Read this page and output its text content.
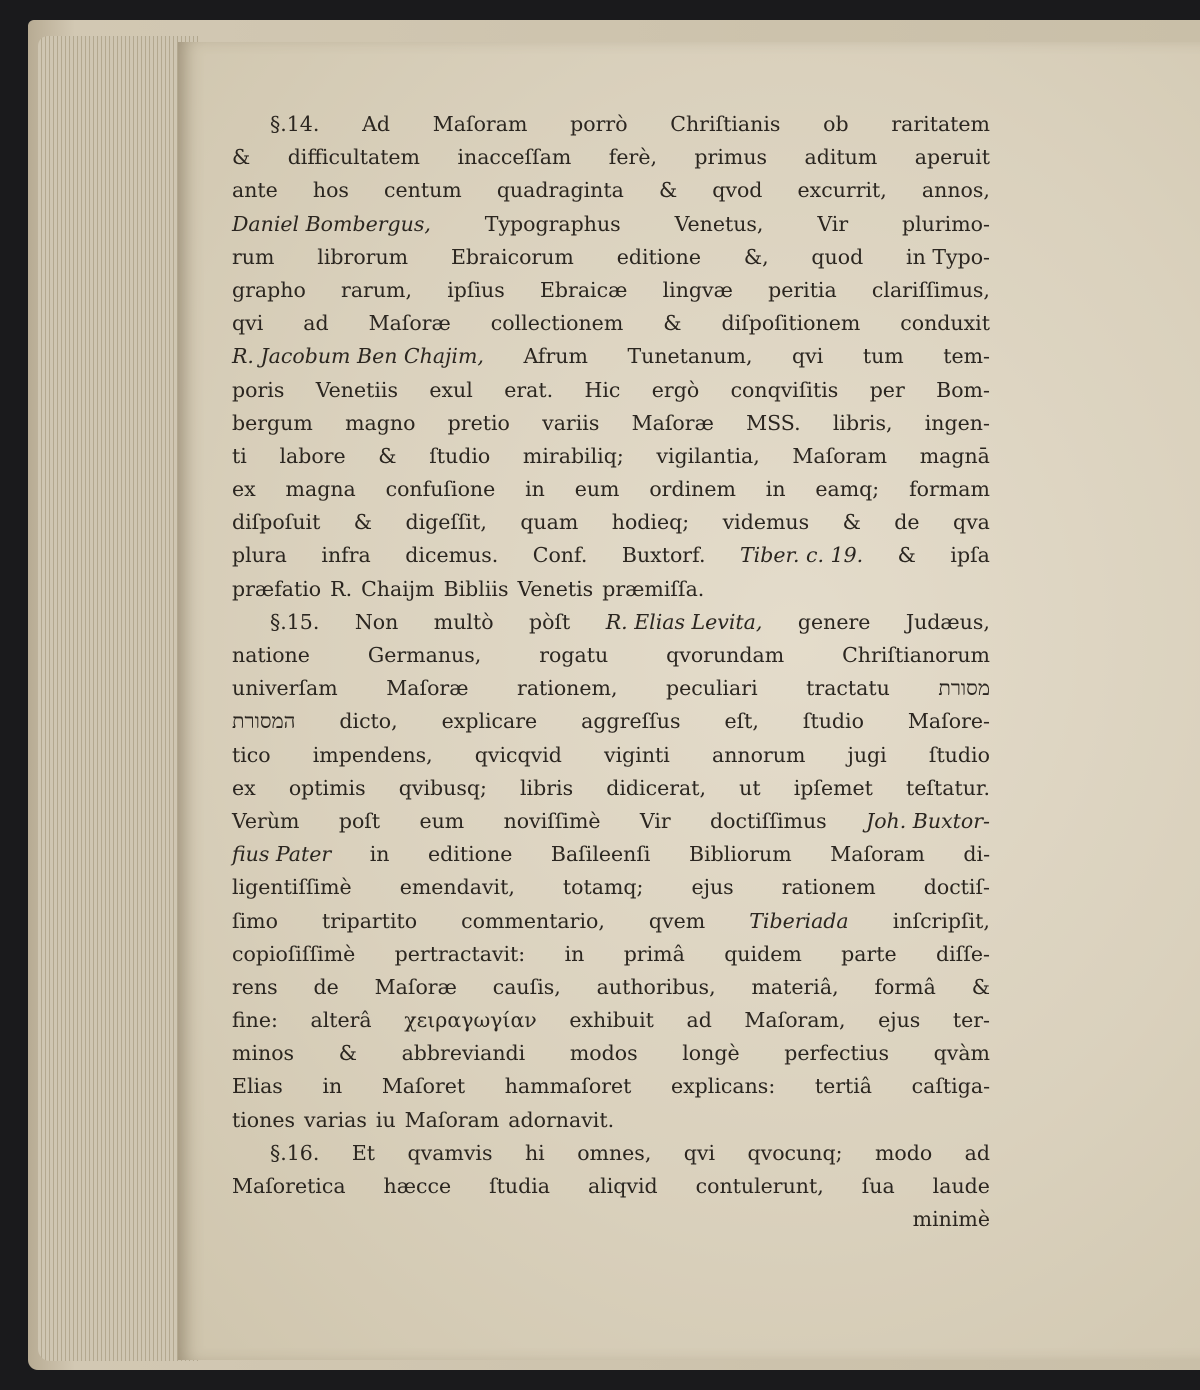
§.14. Ad Maſoram porrò Chriſtianis ob raritatem
& difficultatem inacceſſam ferè, primus aditum aperuit
ante hos centum quadraginta & qvod excurrit, annos,
Daniel Bombergus,	Typographus	Venetus,	Vir	plurimo-
rum librorum Ebraicorum editione &, quod in Typo-
grapho rarum, ipſius Ebraicæ lingvæ peritia clariſſimus,
qvi ad Maſoræ collectionem & diſpoſitionem conduxit
R. Jacobum Ben Chajim, Afrum Tunetanum, qvi tum tem-
poris Venetiis exul erat. Hic ergò conqviſitis per Bom-
bergum magno pretio variis Maſoræ MSS. libris, ingen-
ti labore & ſtudio mirabiliq; vigilantia, Maſoram magnā
ex magna confuſione in eum ordinem in eamq; formam
diſpoſuit & digeſſit, quam hodieq; videmus & de qva
plura infra dicemus. Conf. Buxtorf. Tiber. c. 19. & ipſa
præfatio R. Chaijm Bibliis Venetis præmiſſa.
§.15. Non multò pòſt R. Elias Levita, genere Judæus,
natione	Germanus,	rogatu	qvorundam	Chriſtianorum
univerſam Maſoræ rationem, peculiari tractatu מסורת
המסורת dicto, explicare aggreſſus eſt, ſtudio Maſore-
tico impendens, qvicqvid viginti annorum jugi ſtudio
ex optimis qvibusq; libris didicerat, ut ipſemet teſtatur.
Verùm poſt eum noviſſimè Vir doctiſſimus Joh. Buxtor-
fius Pater in editione Baſileenſi Bibliorum Maſoram di-
ligentiſſimè emendavit, totamq; ejus rationem doctiſ-
ſimo tripartito commentario, qvem Tiberiada inſcripſit,
copioſiſſimè pertractavit: in primâ quidem parte diſſe-
rens de Maſoræ cauſis, authoribus, materiâ, formâ &
fine: alterâ χειραγωγίαν exhibuit ad Maſoram, ejus ter-
minos & abbreviandi modos longè perfectius qvàm
Elias in Maſoret hammaſoret explicans: tertiâ caſtiga-
tiones varias iu Maſoram adornavit.
§.16. Et qvamvis hi omnes, qvi qvocunq; modo ad
Maſoretica hæcce ſtudia aliqvid contulerunt, ſua laude
minimè
